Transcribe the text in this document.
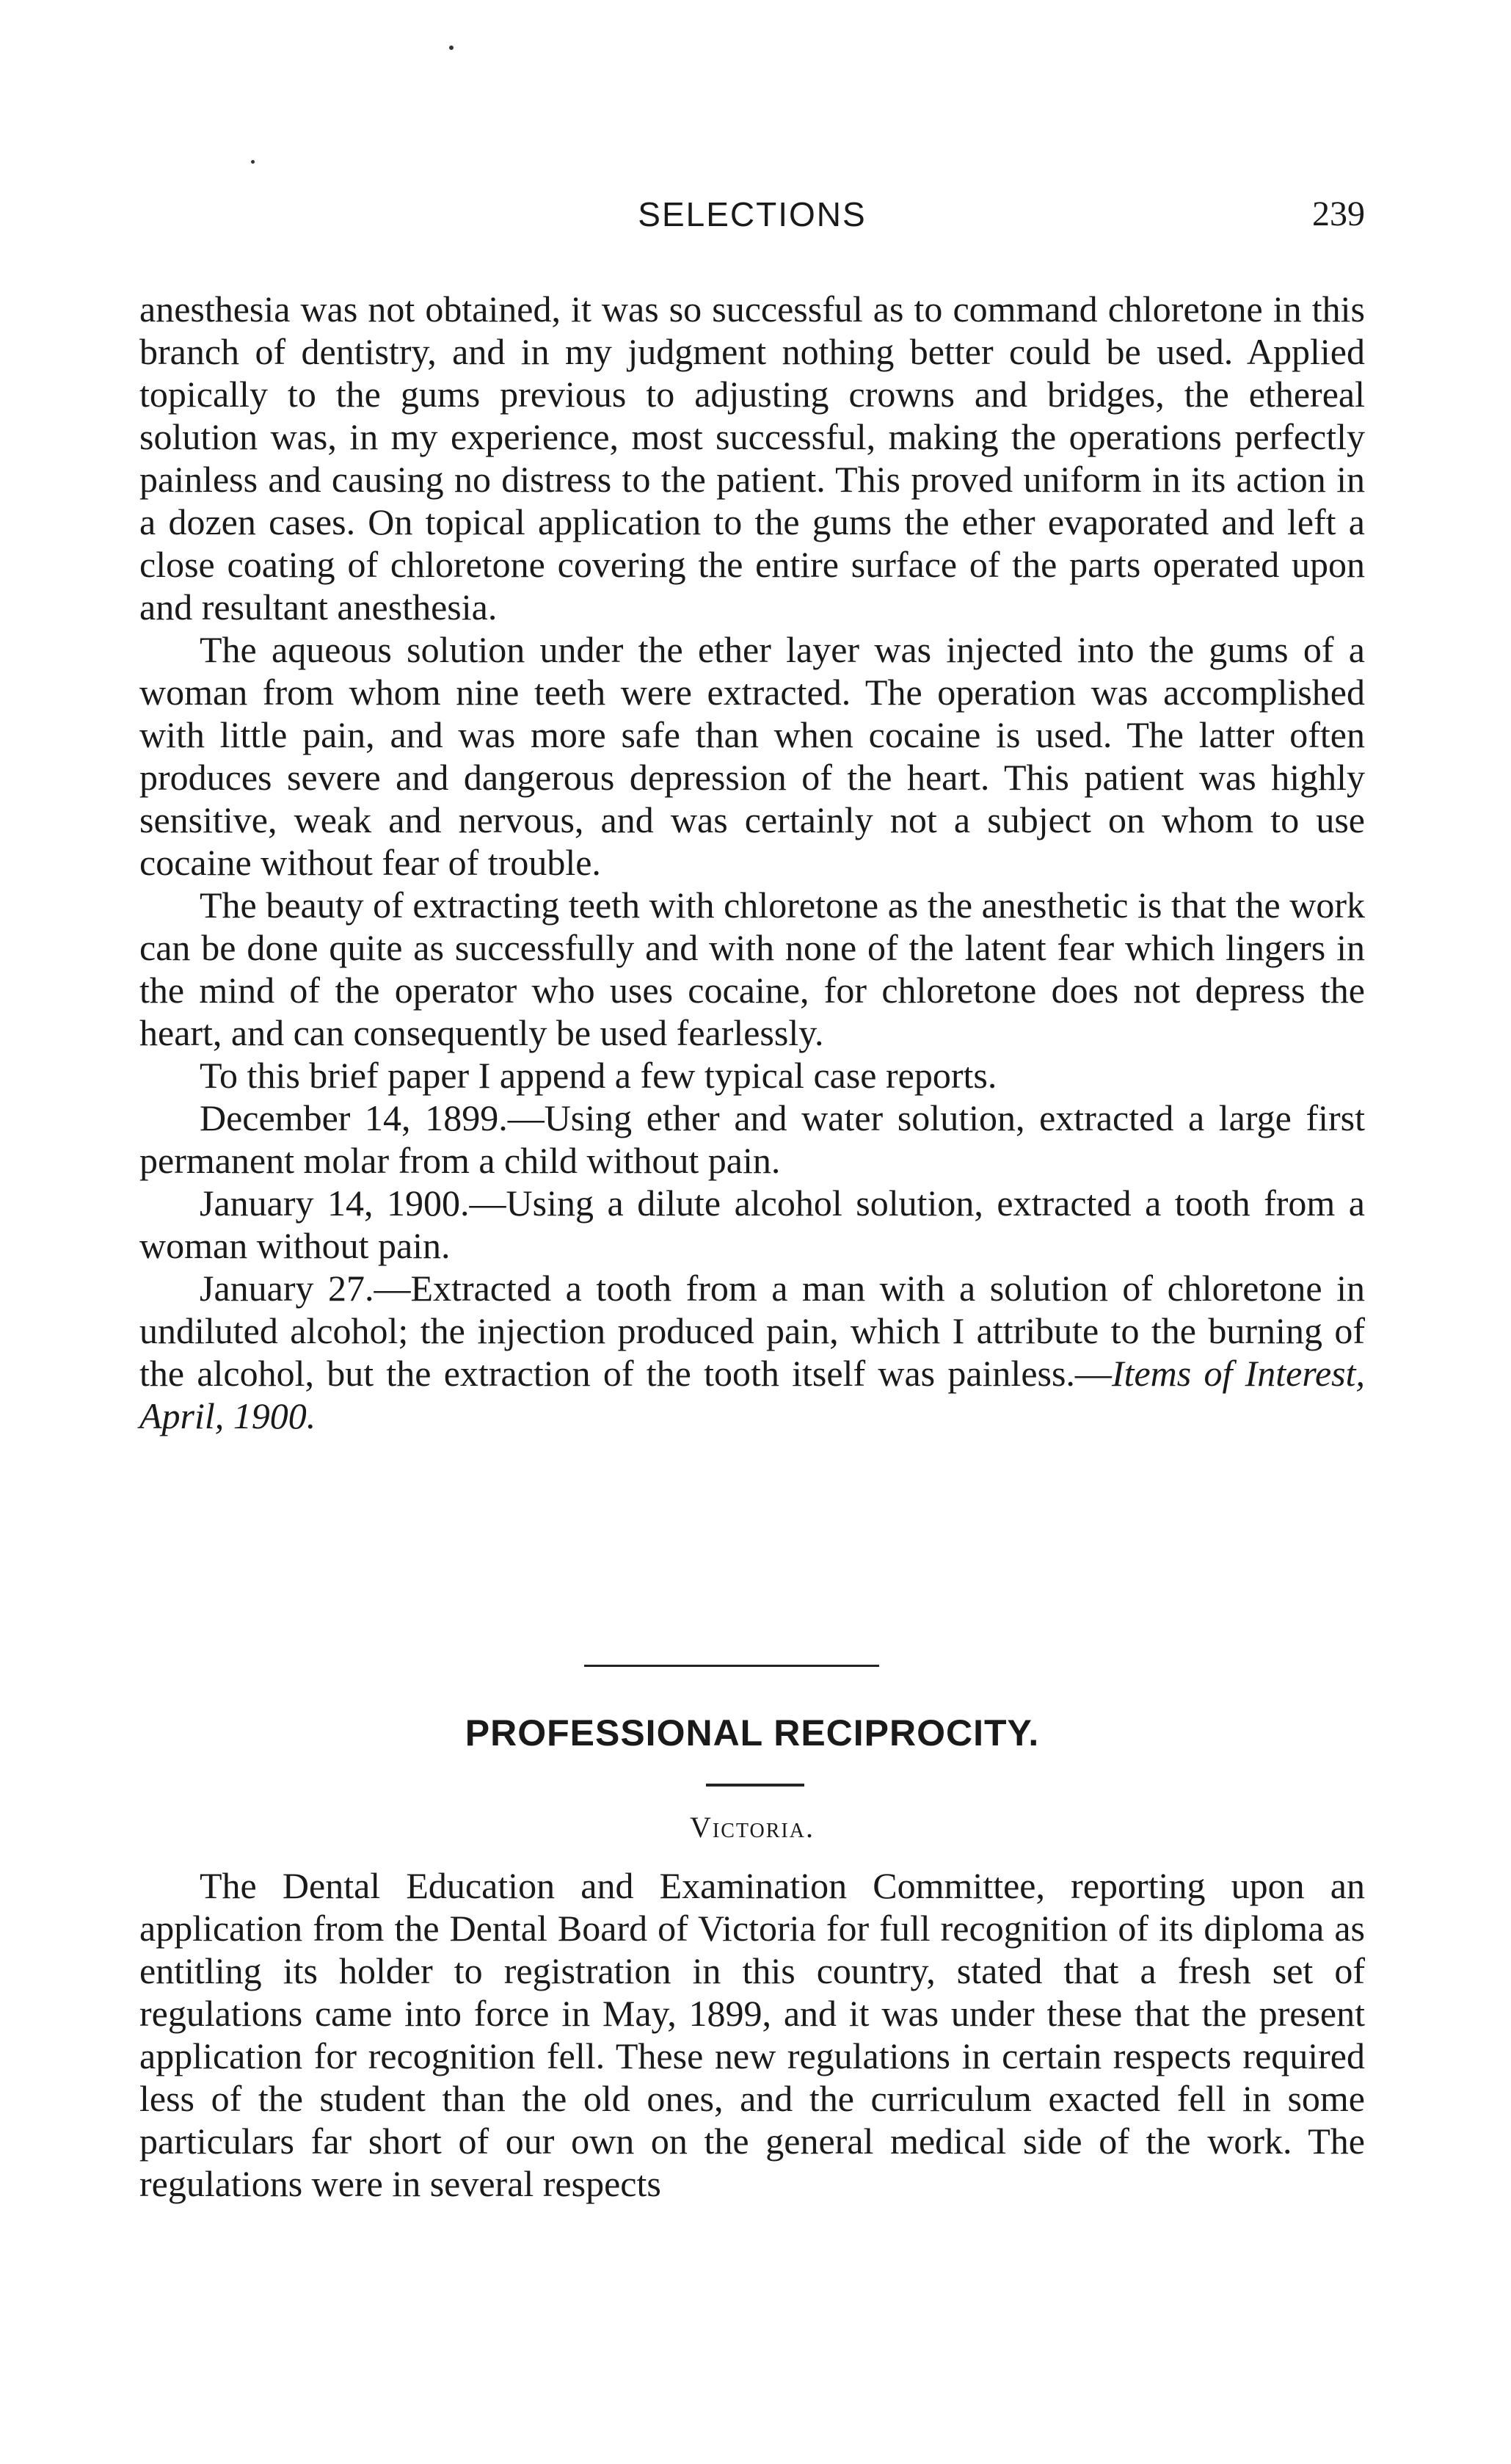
SELECTIONS	239

anesthesia was not obtained, it was so successful as to command chloretone in this branch of dentistry, and in my judgment nothing better could be used. Applied topically to the gums previous to adjusting crowns and bridges, the ethereal solution was, in my experience, most successful, making the operations perfectly painless and causing no distress to the patient. This proved uniform in its action in a dozen cases. On topical application to the gums the ether evaporated and left a close coating of chloretone covering the entire surface of the parts operated upon and resultant anesthesia.

The aqueous solution under the ether layer was injected into the gums of a woman from whom nine teeth were extracted. The operation was accomplished with little pain, and was more safe than when cocaine is used. The latter often produces severe and dangerous depression of the heart. This patient was highly sensitive, weak and nervous, and was certainly not a subject on whom to use cocaine without fear of trouble.

The beauty of extracting teeth with chloretone as the anesthetic is that the work can be done quite as successfully and with none of the latent fear which lingers in the mind of the operator who uses cocaine, for chloretone does not depress the heart, and can consequently be used fearlessly.

To this brief paper I append a few typical case reports.

December 14, 1899.—Using ether and water solution, extracted a large first permanent molar from a child without pain.

January 14, 1900.—Using a dilute alcohol solution, extracted a tooth from a woman without pain.

January 27.—Extracted a tooth from a man with a solution of chloretone in undiluted alcohol; the injection produced pain, which I attribute to the burning of the alcohol, but the extraction of the tooth itself was painless.—Items of Interest, April, 1900.

PROFESSIONAL RECIPROCITY.
Victoria.

The Dental Education and Examination Committee, reporting upon an application from the Dental Board of Victoria for full recognition of its diploma as entitling its holder to registration in this country, stated that a fresh set of regulations came into force in May, 1899, and it was under these that the present application for recognition fell. These new regulations in certain respects required less of the student than the old ones, and the curriculum exacted fell in some particulars far short of our own on the general medical side of the work. The regulations were in several respects
